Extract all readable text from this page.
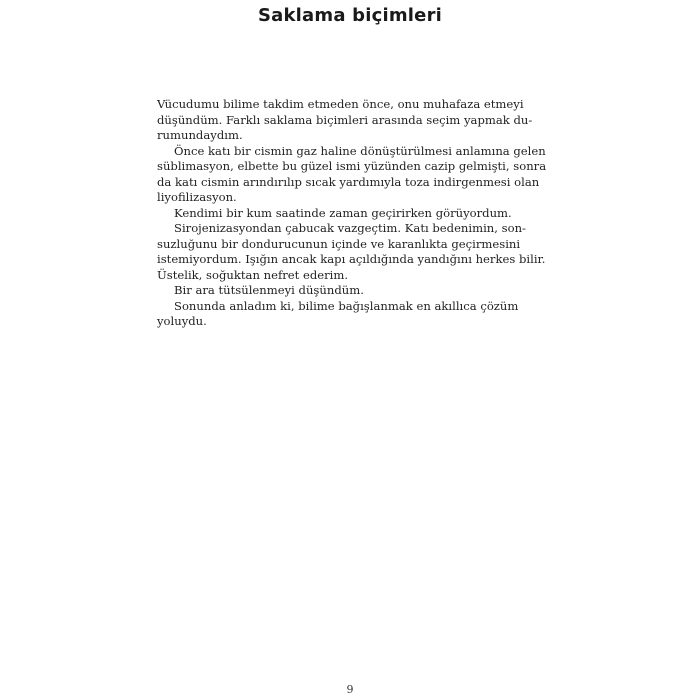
Saklama biçimleri

Vücudumu bilime takdim etmeden önce, onu muhafaza etmeyi
düşündüm. Farklı saklama biçimleri arasında seçim yapmak du-
rumundaydım.

Önce katı bir cismin gaz haline dönüştürülmesi anlamına gelen
süblimasyon, elbette bu güzel ismi yüzünden cazip gelmişti, sonra
da katı cismin arındırılıp sıcak yardımıyla toza indirgenmesi olan
liyofilizasyon.

Kendimi bir kum saatinde zaman geçirirken görüyordum.

Sirojenizasyondan çabucak vazgeçtim. Katı bedenimin, son-
suzluğunu bir dondurucunun içinde ve karanlıkta geçirmesini
istemiyordum. Işığın ancak kapı açıldığında yandığını herkes bilir.
Üstelik, soğuktan nefret ederim.

Bir ara tütsülenmeyi düşündüm.

Sonunda anladım ki, bilime bağışlanmak en akıllıca çözüm
yoluydu.

9
